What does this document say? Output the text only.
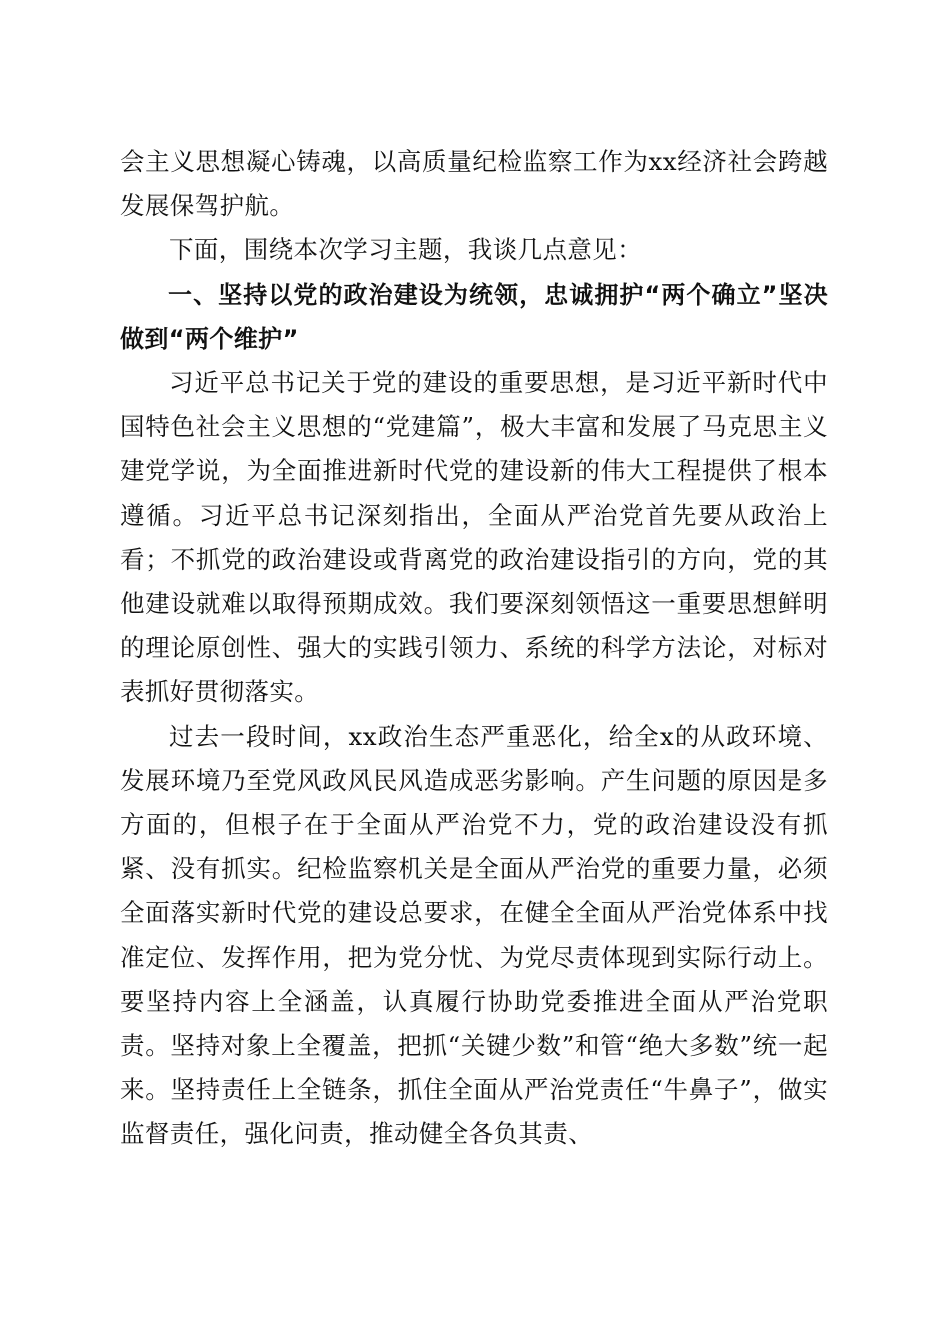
会主义思想凝心铸魂，以高质量纪检监察工作为xx经济社会跨越发展保驾护航。

下面，围绕本次学习主题，我谈几点意见：

一、坚持以党的政治建设为统领，忠诚拥护“两个确立”坚决做到“两个维护”

习近平总书记关于党的建设的重要思想，是习近平新时代中国特色社会主义思想的“党建篇”，极大丰富和发展了马克思主义建党学说，为全面推进新时代党的建设新的伟大工程提供了根本遵循。习近平总书记深刻指出，全面从严治党首先要从政治上看；不抓党的政治建设或背离党的政治建设指引的方向，党的其他建设就难以取得预期成效。我们要深刻领悟这一重要思想鲜明的理论原创性、强大的实践引领力、系统的科学方法论，对标对表抓好贯彻落实。

过去一段时间，xx政治生态严重恶化，给全x的从政环境、发展环境乃至党风政风民风造成恶劣影响。产生问题的原因是多方面的，但根子在于全面从严治党不力，党的政治建设没有抓紧、没有抓实。纪检监察机关是全面从严治党的重要力量，必须全面落实新时代党的建设总要求，在健全全面从严治党体系中找准定位、发挥作用，把为党分忧、为党尽责体现到实际行动上。要坚持内容上全涵盖，认真履行协助党委推进全面从严治党职责。坚持对象上全覆盖，把抓“关键少数”和管“绝大多数”统一起来。坚持责任上全链条，抓住全面从严治党责任“牛鼻子”，做实监督责任，强化问责，推动健全各负其责、
